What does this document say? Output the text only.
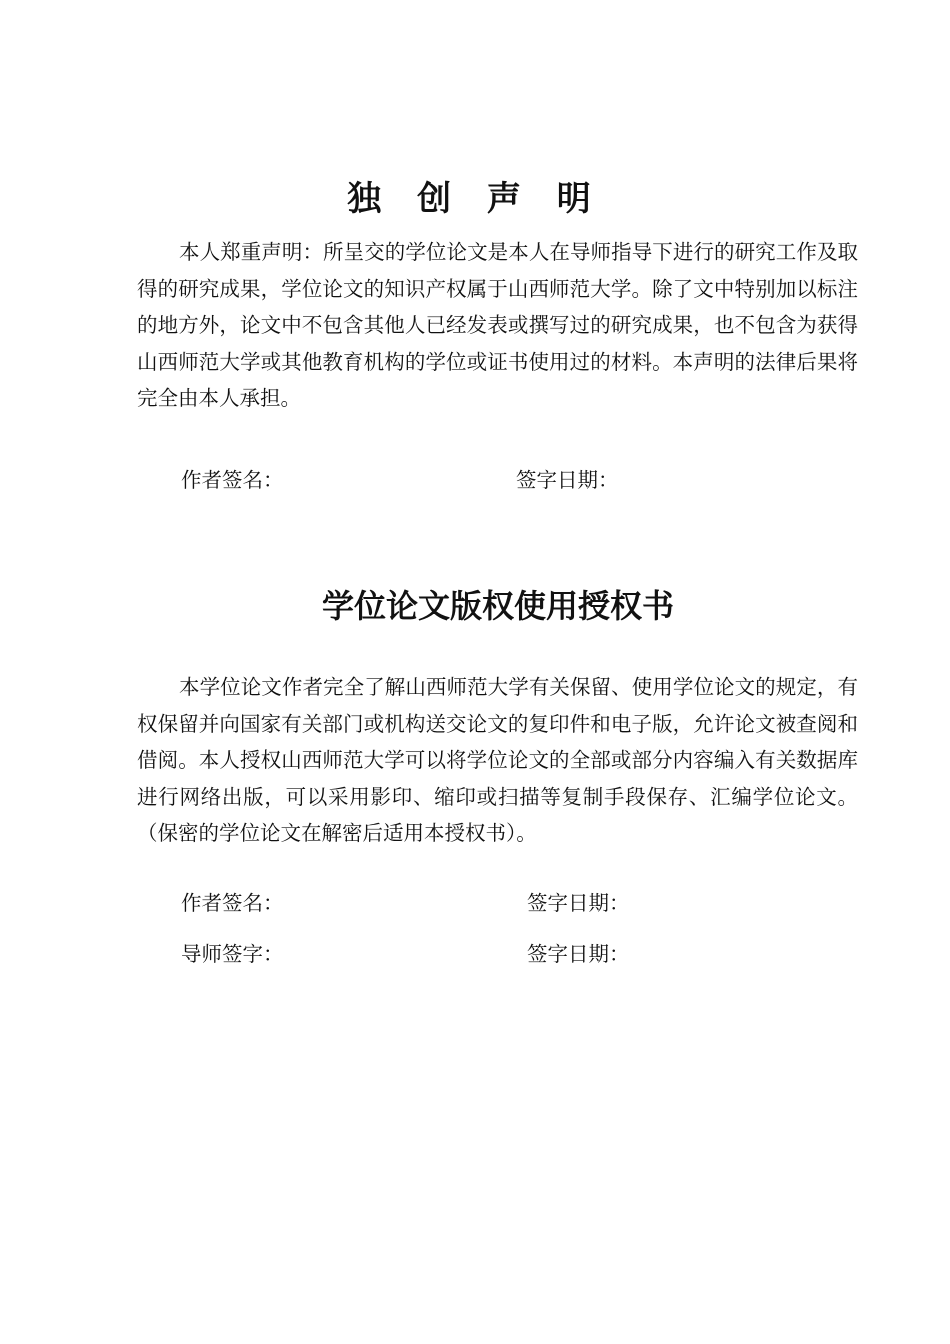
独 创 声 明

本人郑重声明：所呈交的学位论文是本人在导师指导下进行的研究工作及取得的研究成果，学位论文的知识产权属于山西师范大学。除了文中特别加以标注的地方外，论文中不包含其他人已经发表或撰写过的研究成果，也不包含为获得山西师范大学或其他教育机构的学位或证书使用过的材料。本声明的法律后果将完全由本人承担。

作者签名：	签字日期：
学位论文版权使用授权书

本学位论文作者完全了解山西师范大学有关保留、使用学位论文的规定，有权保留并向国家有关部门或机构送交论文的复印件和电子版，允许论文被查阅和借阅。本人授权山西师范大学可以将学位论文的全部或部分内容编入有关数据库进行网络出版，可以采用影印、缩印或扫描等复制手段保存、汇编学位论文。（保密的学位论文在解密后适用本授权书）。

作者签名：	签字日期：
导师签字：	签字日期：
